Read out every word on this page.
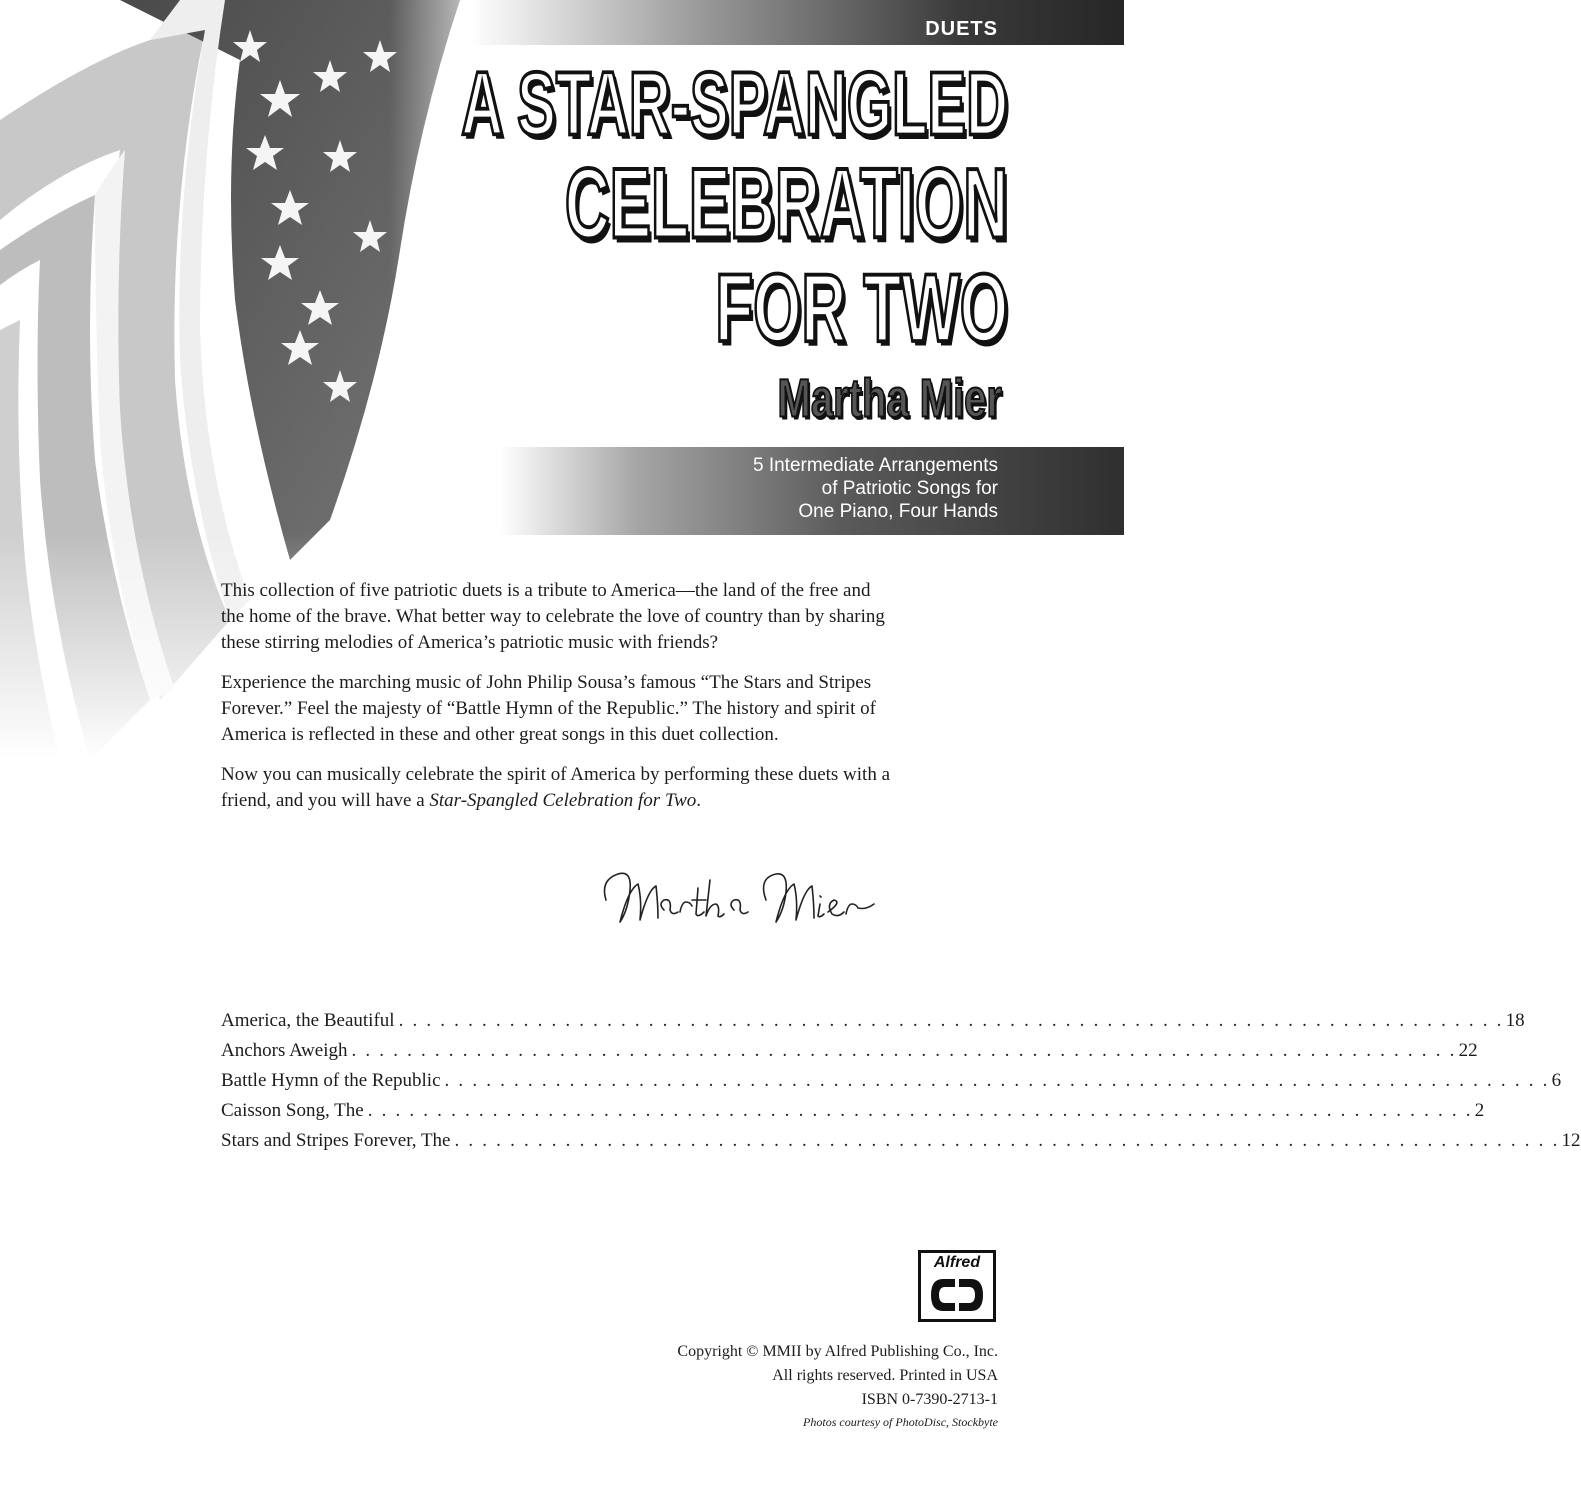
DUETS
A STAR-SPANGLED
CELEBRATION
FOR TWO
Martha Mier
5 Intermediate Arrangements
of Patriotic Songs for
One Piano, Four Hands

This collection of five patriotic duets is a tribute to America—the land of the free and the home of the brave. What better way to celebrate the love of country than by sharing these stirring melodies of America’s patriotic music with friends?

Experience the marching music of John Philip Sousa’s famous “The Stars and Stripes Forever.” Feel the majesty of “Battle Hymn of the Republic.” The history and spirit of America is reflected in these and other great songs in this duet collection.

Now you can musically celebrate the spirit of America by performing these duets with a friend, and you will have a Star-Spangled Celebration for Two.

America, the Beautiful . . . . . . . . . . . . . . . . . . . . . . . . . . . . . . . . . . . . . . . . . . . . . . . . . . . . . . . . . . . . . . . . . . . . . . . . . . . . . . . . 18
Anchors Aweigh . . . . . . . . . . . . . . . . . . . . . . . . . . . . . . . . . . . . . . . . . . . . . . . . . . . . . . . . . . . . . . . . . . . . . . . . . . . . . . . . 22
Battle Hymn of the Republic . . . . . . . . . . . . . . . . . . . . . . . . . . . . . . . . . . . . . . . . . . . . . . . . . . . . . . . . . . . . . . . . . . . . . . . . . . . . . . . . 6
Caisson Song, The . . . . . . . . . . . . . . . . . . . . . . . . . . . . . . . . . . . . . . . . . . . . . . . . . . . . . . . . . . . . . . . . . . . . . . . . . . . . . . . . 2
Stars and Stripes Forever, The . . . . . . . . . . . . . . . . . . . . . . . . . . . . . . . . . . . . . . . . . . . . . . . . . . . . . . . . . . . . . . . . . . . . . . . . . . . . . . . . 12
Alfred
Copyright © MMII by Alfred Publishing Co., Inc.
All rights reserved. Printed in USA
ISBN 0-7390-2713-1
Photos courtesy of PhotoDisc, Stockbyte
